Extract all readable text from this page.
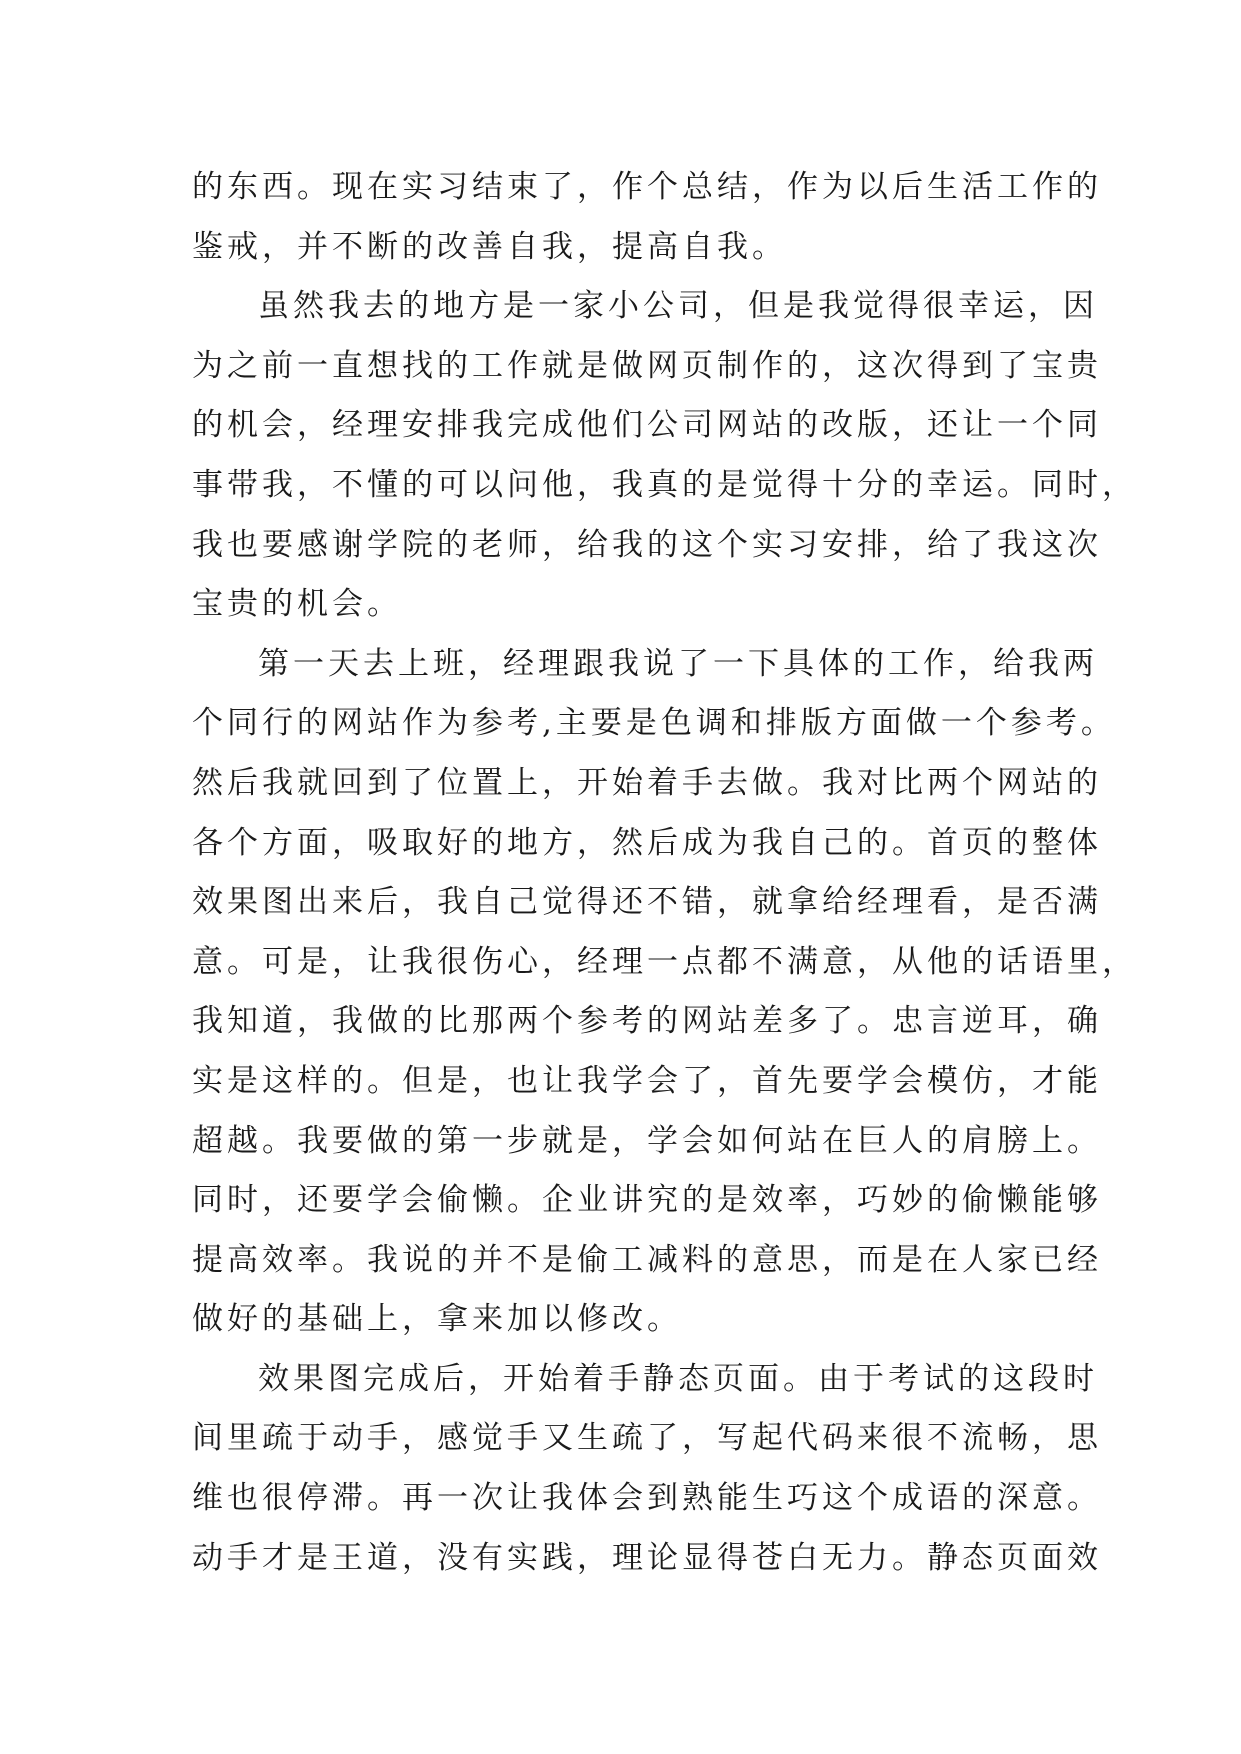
的东西。现在实习结束了，作个总结，作为以后生活工作的
鉴戒，并不断的改善自我，提高自我。
虽然我去的地方是一家小公司，但是我觉得很幸运，因
为之前一直想找的工作就是做网页制作的，这次得到了宝贵
的机会，经理安排我完成他们公司网站的改版，还让一个同
事带我，不懂的可以问他，我真的是觉得十分的幸运。同时，
我也要感谢学院的老师，给我的这个实习安排，给了我这次
宝贵的机会。
第一天去上班，经理跟我说了一下具体的工作，给我两
个同行的网站作为参考,主要是色调和排版方面做一个参考。
然后我就回到了位置上，开始着手去做。我对比两个网站的
各个方面，吸取好的地方，然后成为我自己的。首页的整体
效果图出来后，我自己觉得还不错，就拿给经理看，是否满
意。可是，让我很伤心，经理一点都不满意，从他的话语里，
我知道，我做的比那两个参考的网站差多了。忠言逆耳，确
实是这样的。但是，也让我学会了，首先要学会模仿，才能
超越。我要做的第一步就是，学会如何站在巨人的肩膀上。
同时，还要学会偷懒。企业讲究的是效率，巧妙的偷懒能够
提高效率。我说的并不是偷工减料的意思，而是在人家已经
做好的基础上，拿来加以修改。
效果图完成后，开始着手静态页面。由于考试的这段时
间里疏于动手，感觉手又生疏了，写起代码来很不流畅，思
维也很停滞。再一次让我体会到熟能生巧这个成语的深意。
动手才是王道，没有实践，理论显得苍白无力。静态页面效
